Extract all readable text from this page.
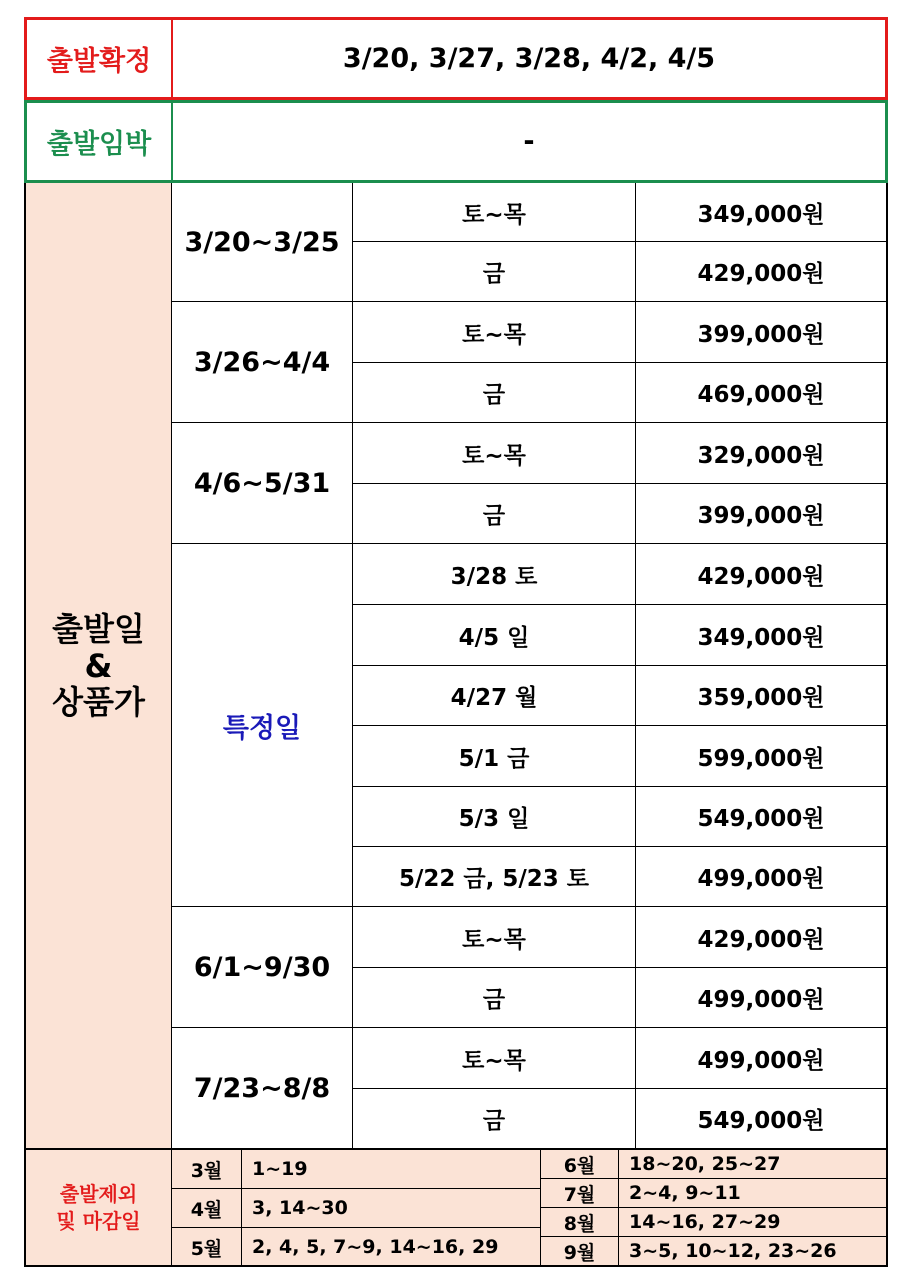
출발확정	3/20, 3/27, 3/28, 4/2, 4/5
출발임박	-
출발일
&
상품가
3/20~3/25
토~목	349,000원
금	429,000원
3/26~4/4
토~목	399,000원
금	469,000원
4/6~5/31
토~목	329,000원
금	399,000원
특정일
3/28 토	429,000원
4/5 일	349,000원
4/27 월	359,000원
5/1 금	599,000원
5/3 일	549,000원
5/22 금, 5/23 토	499,000원
6/1~9/30
토~목	429,000원
금	499,000원
7/23~8/8
토~목	499,000원
금	549,000원
출발제외
및 마감일
3월	1~19
4월	3, 14~30
5월	2, 4, 5, 7~9, 14~16, 29
6월	18~20, 25~27
7월	2~4, 9~11
8월	14~16, 27~29
9월	3~5, 10~12, 23~26
